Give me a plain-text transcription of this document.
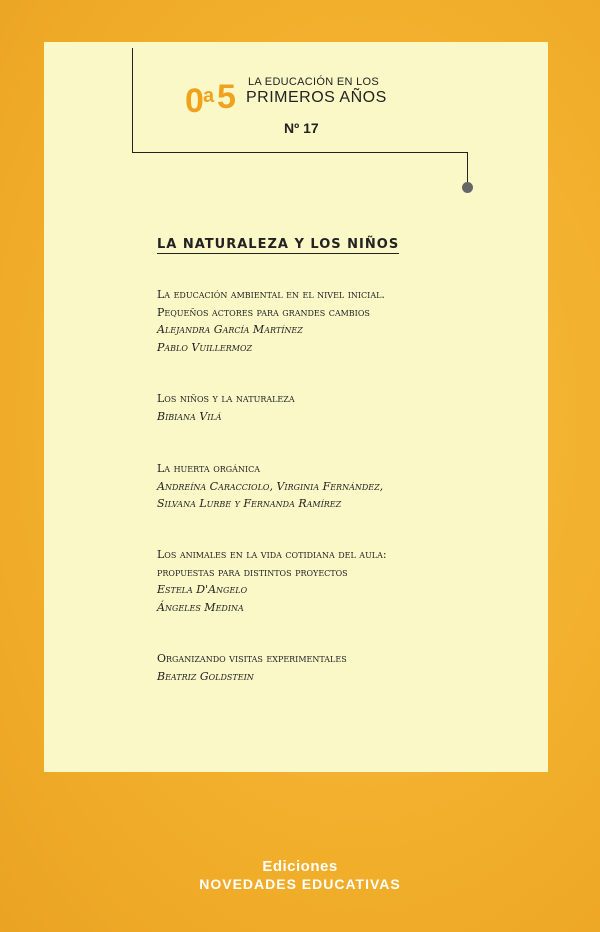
0 a 5 LA EDUCACIÓN EN LOS
PRIMEROS AÑOS
Nº 17
LA NATURALEZA Y LOS NIÑOS
La educación ambiental en el nivel inicial.
Pequeños actores para grandes cambios
Alejandra García Martínez
Pablo Vuillermoz
Los niños y la naturaleza
Bibiana Vilá
La huerta orgánica
Andreína Caracciolo, Virginia Fernández,
Silvana Lurbe y Fernanda Ramírez
Los animales en la vida cotidiana del aula:
propuestas para distintos proyectos
Estela D'Angelo
Ángeles Medina
Organizando visitas experimentales
Beatriz Goldstein
Ediciones
NOVEDADES EDUCATIVAS
